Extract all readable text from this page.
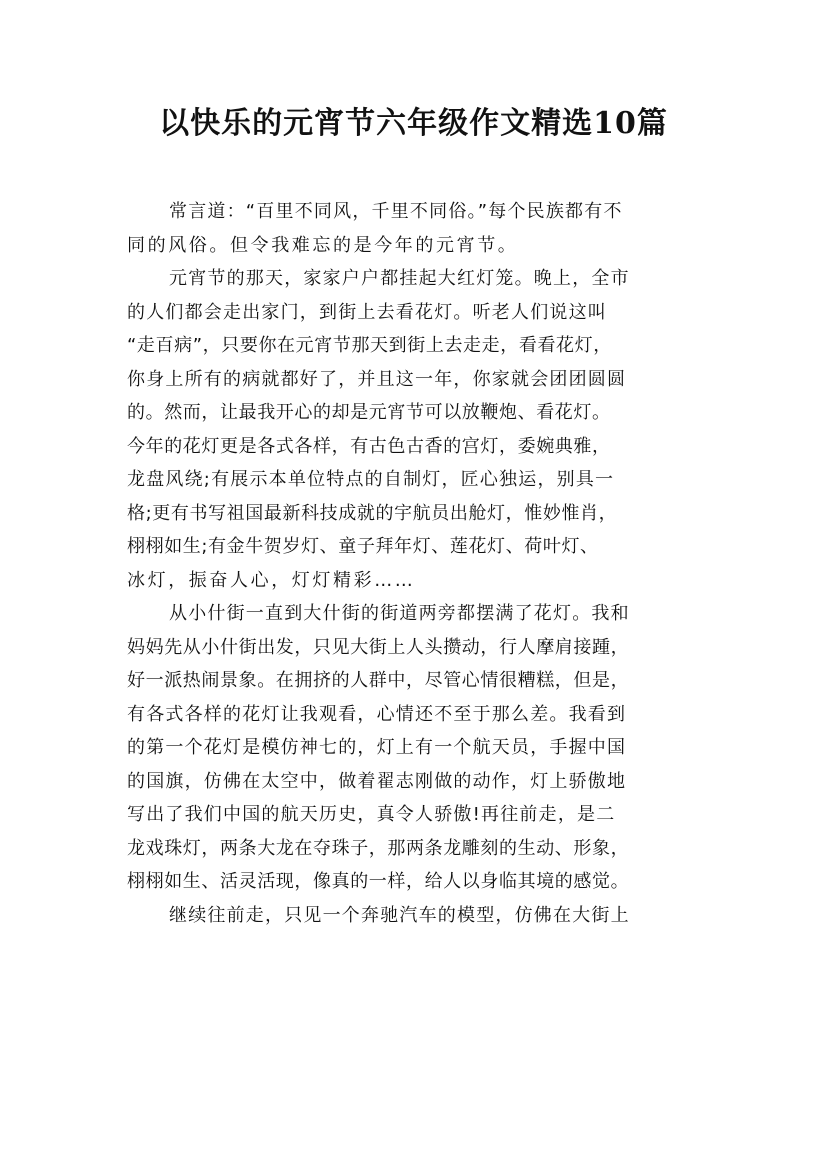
以快乐的元宵节六年级作文精选10篇
常言道：“百里不同风，千里不同俗。”每个民族都有不
同的风俗。但令我难忘的是今年的元宵节。
元宵节的那天，家家户户都挂起大红灯笼。晚上，全市
的人们都会走出家门，到街上去看花灯。听老人们说这叫
“走百病”，只要你在元宵节那天到街上去走走，看看花灯，
你身上所有的病就都好了，并且这一年，你家就会团团圆圆
的。然而，让最我开心的却是元宵节可以放鞭炮、看花灯。
今年的花灯更是各式各样，有古色古香的宫灯，委婉典雅，
龙盘风绕;有展示本单位特点的自制灯，匠心独运，别具一
格;更有书写祖国最新科技成就的宇航员出舱灯，惟妙惟肖，
栩栩如生;有金牛贺岁灯、童子拜年灯、莲花灯、荷叶灯、
冰灯，振奋人心，灯灯精彩……
从小什街一直到大什街的街道两旁都摆满了花灯。我和
妈妈先从小什街出发，只见大街上人头攒动，行人摩肩接踵，
好一派热闹景象。在拥挤的人群中，尽管心情很糟糕，但是，
有各式各样的花灯让我观看，心情还不至于那么差。我看到
的第一个花灯是模仿神七的，灯上有一个航天员，手握中国
的国旗，仿佛在太空中，做着翟志刚做的动作，灯上骄傲地
写出了我们中国的航天历史，真令人骄傲!再往前走，是二
龙戏珠灯，两条大龙在夺珠子，那两条龙雕刻的生动、形象，
栩栩如生、活灵活现，像真的一样，给人以身临其境的感觉。
继续往前走，只见一个奔驰汽车的模型，仿佛在大街上
